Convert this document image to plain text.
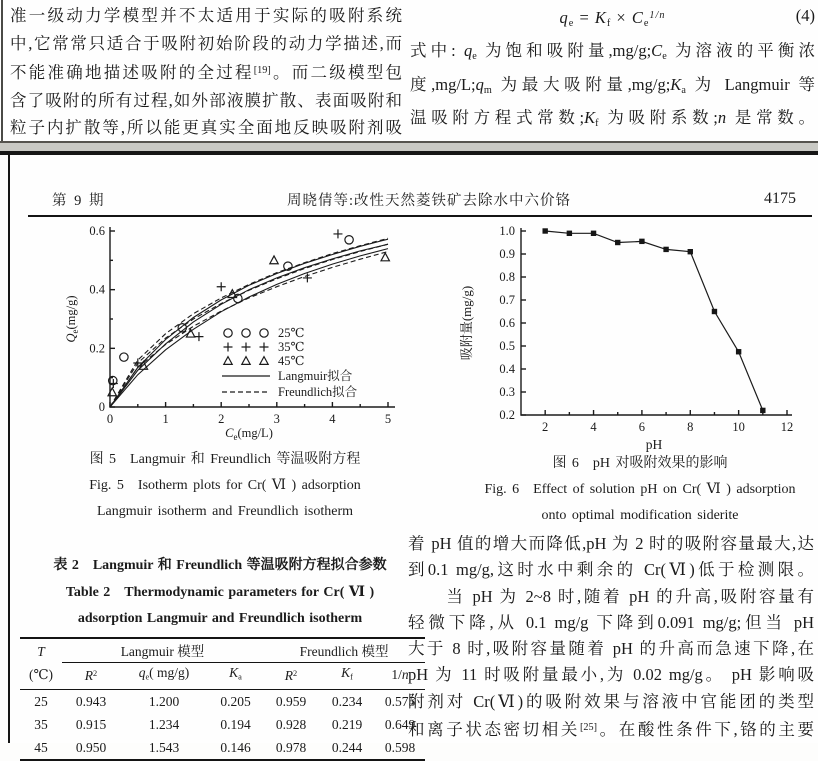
准一级动力学模型并不太适用于实际的吸附系统
中,它常常只适合于吸附初始阶段的动力学描述,而
不能准确地描述吸附的全过程[19]。而二级模型包
含了吸附的所有过程,如外部液膜扩散、表面吸附和
粒子内扩散等,所以能更真实全面地反映吸附剂吸
qe = $Kf \times Ce^{1/n}$	(4)
式中: qe 为饱和吸附量,mg/g;Ce 为溶液的平衡浓
度,mg/L;qm 为最大吸附量,mg/g;Ka 为 Langmuir 等
温吸附方程式常数;Kf 为吸附系数;n 是常数。
第 9 期	周晓倩等:改性天然菱铁矿去除水中六价铬	4175
0	1	2	3	4	5
0
0.2
0.4
0.6
$C_e(mg/L)$
$Q_e(mg/g)$
25℃
35℃
45℃
Langmuir拟合
Freundlich拟合
图 5　Langmuir 和 Freundlich 等温吸附方程
Fig. 5　Isotherm plots for Cr( Ⅵ ) adsorption
Langmuir isotherm and Freundlich isotherm
2	4	6	8	10	12
0.2
0.3
0.4
0.5
0.6
0.7
0.8
0.9
1.0
pH
吸附量(mg/g)
图 6　pH 对吸附效果的影响
Fig. 6　Effect of solution pH on Cr( Ⅵ ) adsorption
onto optimal modification siderite
表 2　Langmuir 和 Freundlich 等温吸附方程拟合参数
Table 2　Thermodynamic parameters for Cr( Ⅵ )
adsorption Langmuir and Freundlich isotherm
T	Langmuir 模型			Freundlich 模型		
(℃)	$R^2$	qe( mg/g)	Ka	$R^2$	Kf	1/n
25	0.943	1.200	0.205	0.959	0.234	0.575
35	0.915	1.234	0.194	0.928	0.219	0.649
45	0.950	1.543	0.146	0.978	0.244	0.598
着 pH 值的增大而降低,pH 为 2 时的吸附容量最大,达
到0.1 mg/g,这时水中剩余的 Cr(Ⅵ)低于检测限。
　　当 pH 为 2~8 时,随着 pH 的升高,吸附容量有
轻微下降,从 0.1 mg/g 下降到0.091 mg/g;但当 pH
大于 8 时,吸附容量随着 pH 的升高而急速下降,在
pH 为 11 时吸附量最小,为 0.02 mg/g。 pH 影响吸
附剂对 Cr(Ⅵ)的吸附效果与溶液中官能团的类型
和离子状态密切相关[25]。在酸性条件下,铬的主要
